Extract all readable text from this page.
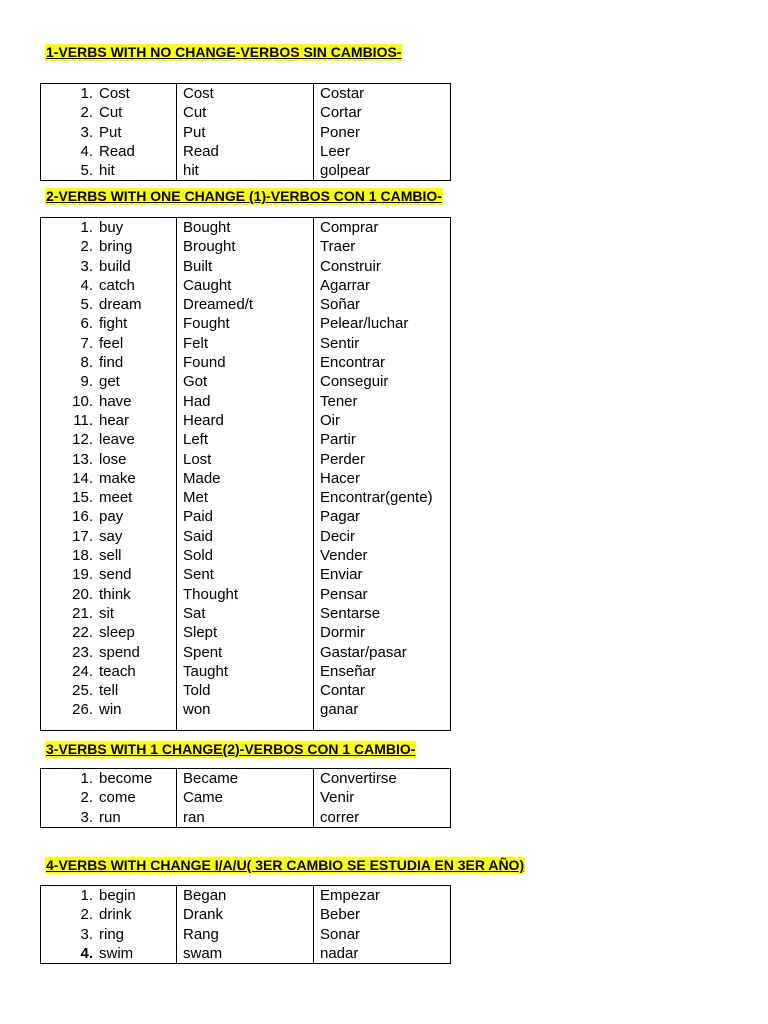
1-VERBS WITH NO CHANGE-VERBOS SIN CAMBIOS-
1. Cost	Cost	Costar
2. Cut	Cut	Cortar
3. Put	Put	Poner
4. Read	Read	Leer
5. hit	hit	golpear
2-VERBS WITH ONE CHANGE (1)-VERBOS CON 1 CAMBIO-
1. buy	Bought	Comprar
2. bring	Brought	Traer
3. build	Built	Construir
4. catch	Caught	Agarrar
5. dream	Dreamed/t	Soñar
6. fight	Fought	Pelear/luchar
7. feel	Felt	Sentir
8. find	Found	Encontrar
9. get	Got	Conseguir
10. have	Had	Tener
11. hear	Heard	Oir
12. leave	Left	Partir
13. lose	Lost	Perder
14. make	Made	Hacer
15. meet	Met	Encontrar(gente)
16. pay	Paid	Pagar
17. say	Said	Decir
18. sell	Sold	Vender
19. send	Sent	Enviar
20. think	Thought	Pensar
21. sit	Sat	Sentarse
22. sleep	Slept	Dormir
23. spend	Spent	Gastar/pasar
24. teach	Taught	Enseñar
25. tell	Told	Contar
26. win	won	ganar

3-VERBS WITH 1 CHANGE(2)-VERBOS CON 1 CAMBIO-
1. become	Became	Convertirse
2. come	Came	Venir
3. run	ran	correr
4-VERBS WITH CHANGE I/A/U( 3ER CAMBIO SE ESTUDIA EN 3ER AÑO)
1. begin	Began	Empezar
2. drink	Drank	Beber
3. ring	Rang	Sonar
4. swim	swam	nadar
